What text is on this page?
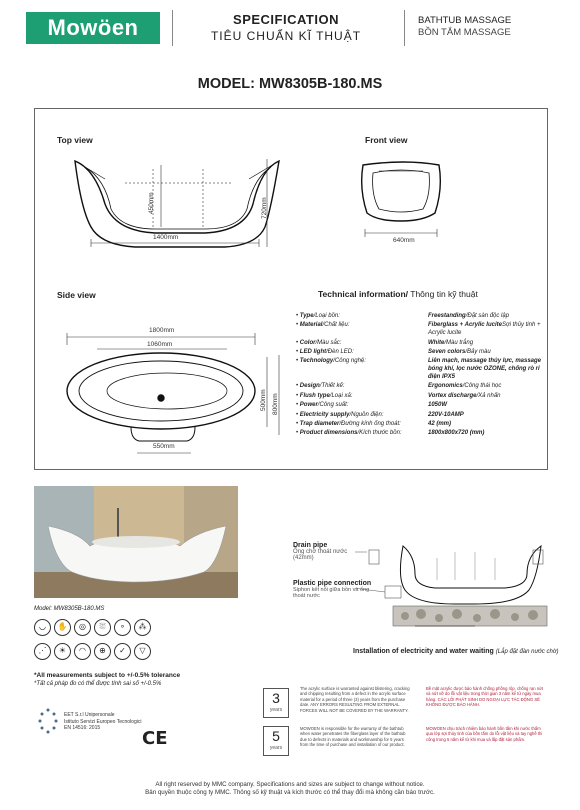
Mowöen	SPECIFICATION
TIÊU CHUẨN KĨ THUẬT
BATHTUB MASSAGE
BỒN TẮM MASSAGE
MODEL: MW8305B-180.MS
Top view	Front view
Side view
1400mm
450mm	720mm
640mm
1800mm
1060mm
550mm
500mm 800mm
Technical information/ Thông tin kỹ thuật
• Type/Loại bồn:	Freestanding/Đặt sàn độc lập
• Material/Chất liệu:	Fiberglass + Acrylic luciteSợi thủy tinh + Acrylic lucite
• Color/Màu sắc:	White/Màu trắng
• LED light/Đèn LED:	Seven colors/Bảy màu
• Technology/Công nghệ:	Liên mạch, massage thủy lực, massage bóng khí, lọc nước OZONE, chống rò rỉ điện IPX5
• Design/Thiết kế:	Ergonomics/Công thái học
• Flush type/Loại xả:	Vortex discharge/Xả nhấn
• Power/Công suất:	1050W
• Electricity supply/Nguồn điện:	220V-10AMP
• Trap diameter/Đường kính ống thoát:	42 (mm)
• Product dimensions/Kích thước bồn:	1800x800x720 (mm)
Model: MW8305B-180.MS
◡ ✋ ◎ ⛆ ∘ ⁂
⋰ ☀ ◠ ⊕ ✓ ▽
Drain pipe
Ống chờ thoát nước (42mm)
Plastic pipe connection
Siphon kết nối giữa bồn và ống thoát nước
Installation of electricity and water waiting (Lắp đặt đàn nước chờ)
*All measurements subject to +/-0.5% tolerance
*Tất cả pháp đo có thể được tính sai số +/-0.5%
EET S.r.l Unipersonale
Istituto Servizi Europeo Tecnologici
EN 14516: 2015	CE
3
years
The acrylic surface is warranted against blistering, cracking and chipping resulting from a defect in the acrylic surface material for a period of three (3) years from the purchase date. ANY ERRORS RESULTING FROM EXTERNAL FORCES WILL NOT BE COVERED BY THE WARRANTY.
Bề mặt acrylic được bảo hành chống phồng rộp, chống rạn nứt và nứt vỡ do lỗi vật liệu trong thời gian 3 năm kể từ ngày mua hàng. CÁC LỖI PHÁT SINH DO NGOẠI LỰC TÁC ĐỘNG SẼ KHÔNG ĐƯỢC BẢO HÀNH.
5
years
MOWOEN is responsible for the warranty of the bathtub when water penetrates the fiberglass layer of the bathtub due to defects in materials and workmanship for 5 years from the time of purchase and installation of our product.
MOWOEN chịu trách nhiệm bảo hành bồn tắm khi nước thấm qua lớp sợi thủy tinh của bồn tắm do lỗi vật liệu và tay nghề thi công trong 5 năm kể từ khi mua và lắp đặt sản phẩm.
All right reserved by MMC company. Specifications and sizes are subject to change without notice.
Bản quyền thuộc công ty MMC. Thông số kỹ thuật và kích thước có thể thay đổi mà không cần báo trước.
